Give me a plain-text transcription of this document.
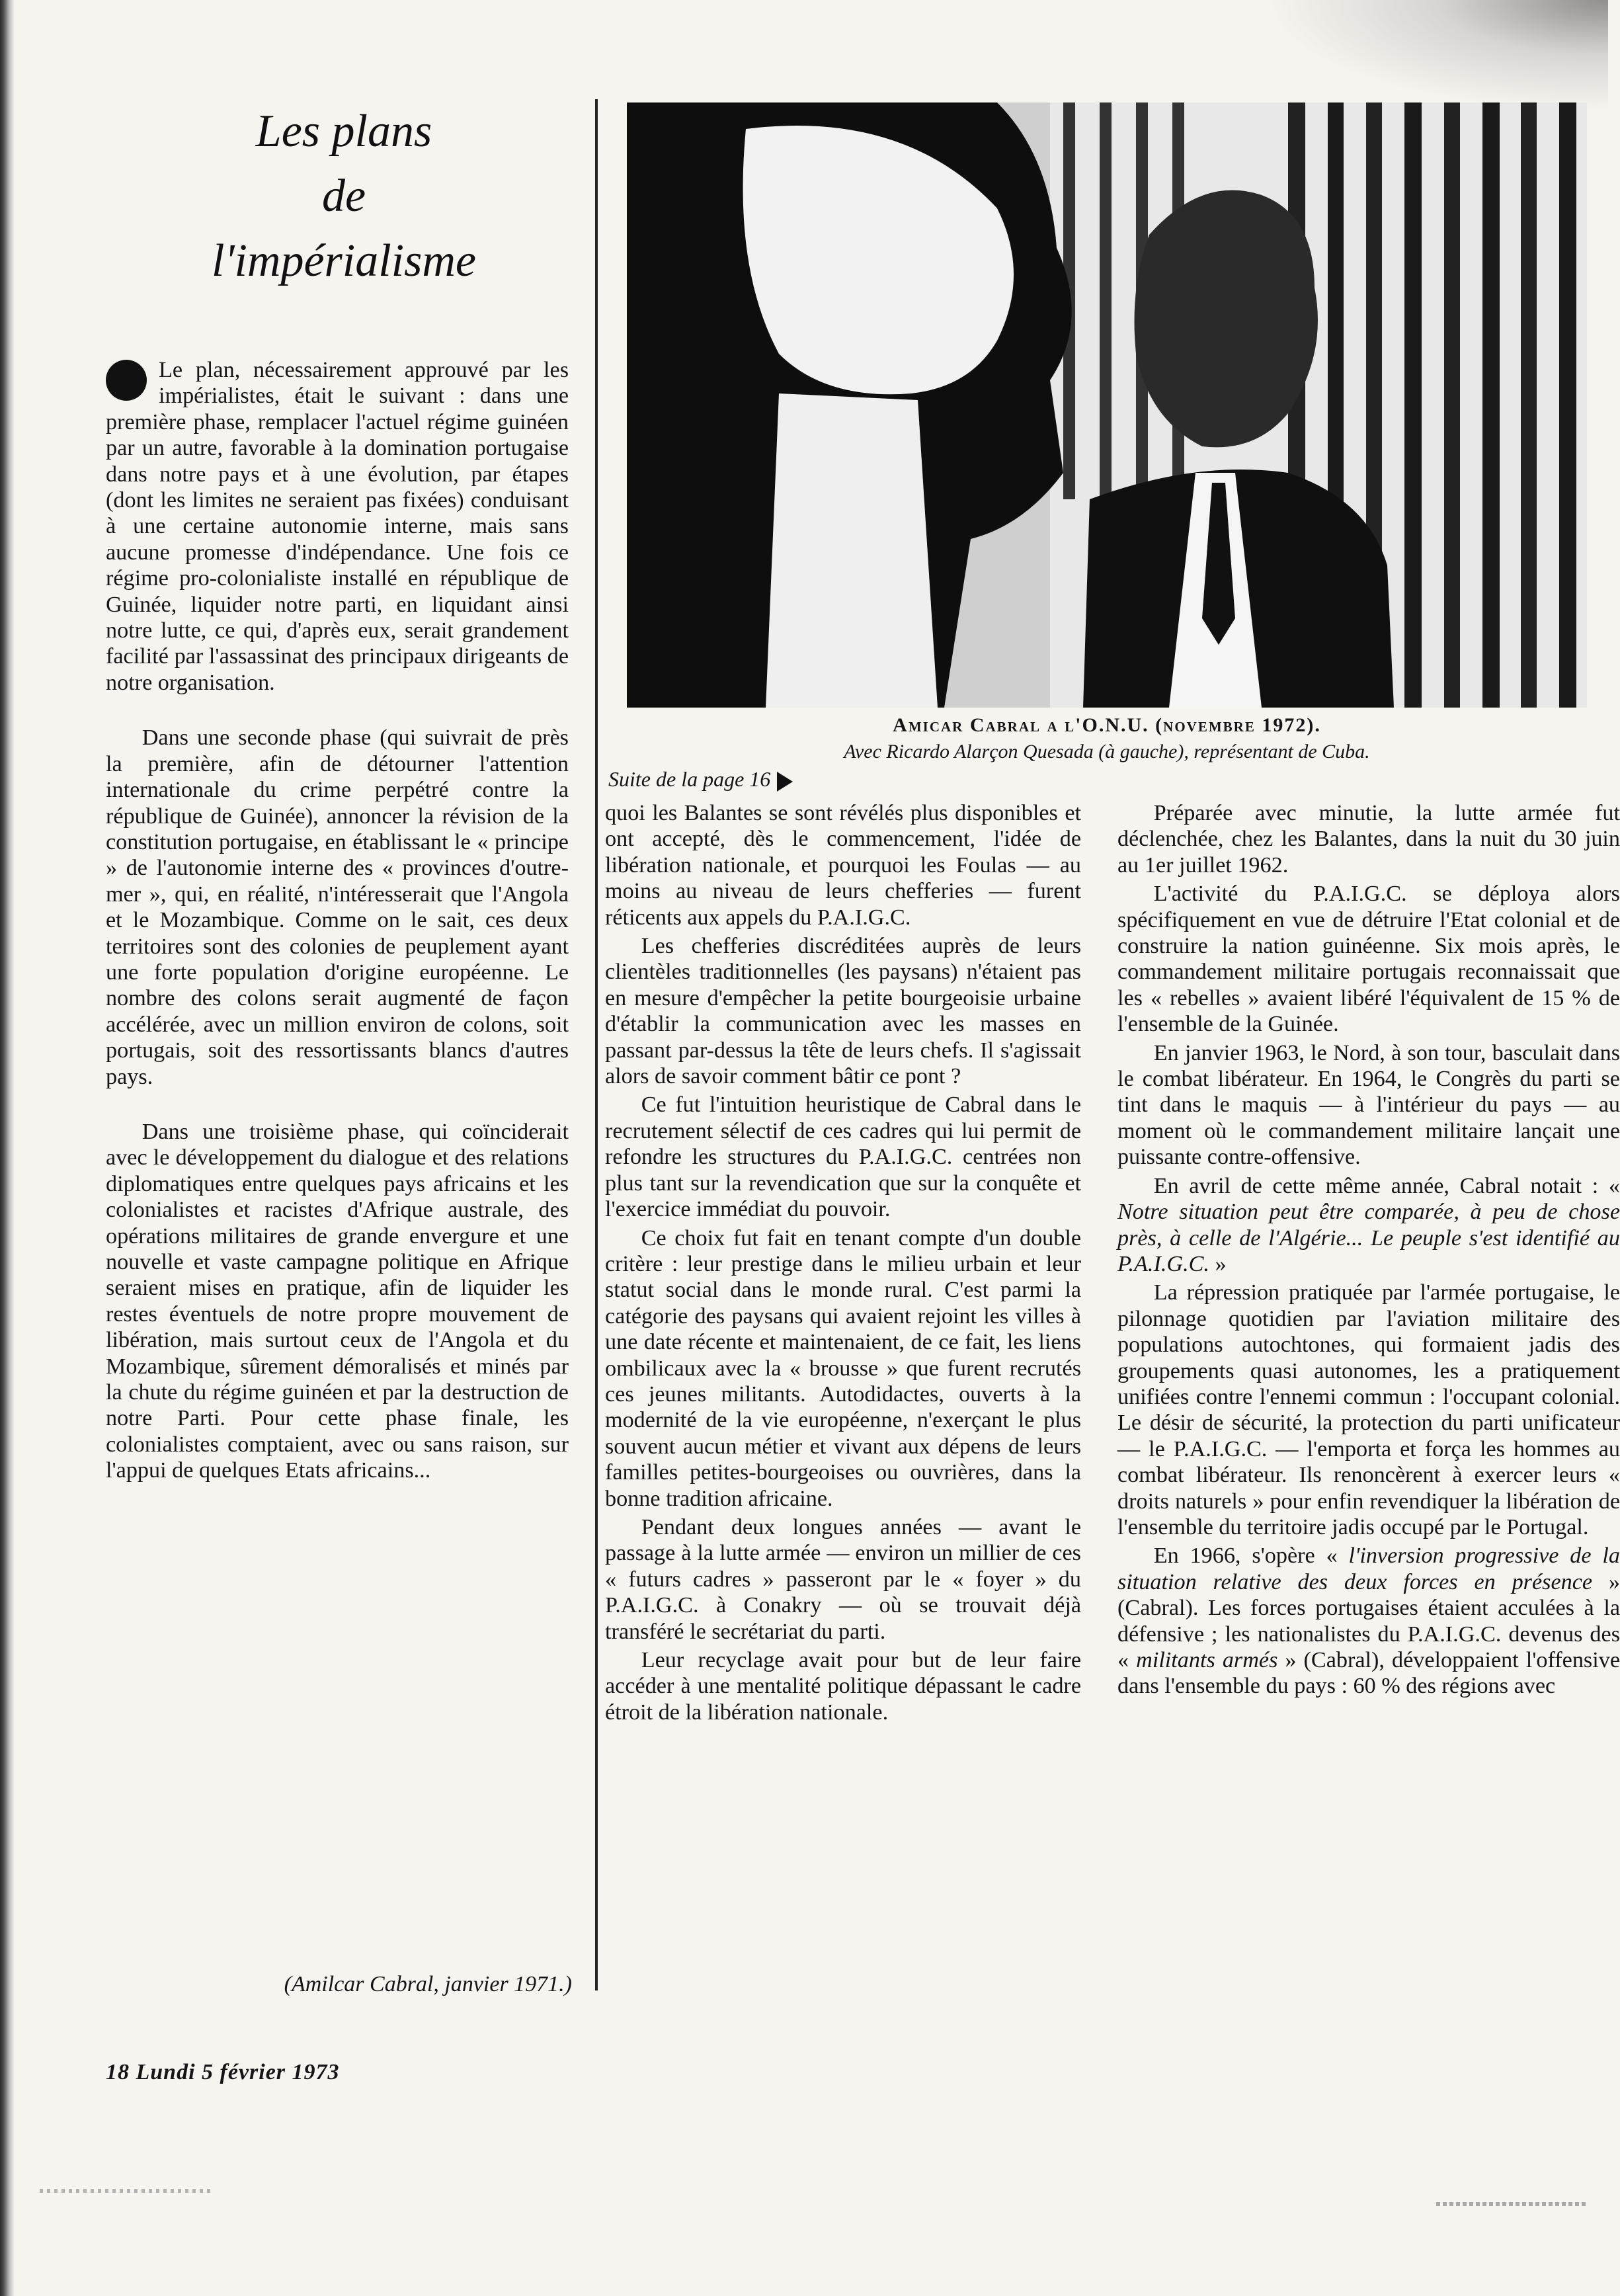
Les plans
de
l'impérialisme

Le plan, nécessairement approuvé par les impérialistes, était le suivant : dans une première phase, remplacer l'actuel régime guinéen par un autre, favorable à la domination portugaise dans notre pays et à une évolution, par étapes (dont les limites ne seraient pas fixées) conduisant à une certaine autonomie interne, mais sans aucune promesse d'indépendance. Une fois ce régime pro-colonialiste installé en république de Guinée, liquider notre parti, en liquidant ainsi notre lutte, ce qui, d'après eux, serait grandement facilité par l'assassinat des principaux dirigeants de notre organisation.

Dans une seconde phase (qui suivrait de près la première, afin de détourner l'attention internationale du crime perpétré contre la république de Guinée), annoncer la révision de la constitution portugaise, en établissant le « principe » de l'autonomie interne des « provinces d'outre-mer », qui, en réalité, n'intéresserait que l'Angola et le Mozambique. Comme on le sait, ces deux territoires sont des colonies de peuplement ayant une forte population d'origine européenne. Le nombre des colons serait augmenté de façon accélérée, avec un million environ de colons, soit portugais, soit des ressortissants blancs d'autres pays.

Dans une troisième phase, qui coïnciderait avec le développement du dialogue et des relations diplomatiques entre quelques pays africains et les colonialistes et racistes d'Afrique australe, des opérations militaires de grande envergure et une nouvelle et vaste campagne politique en Afrique seraient mises en pratique, afin de liquider les restes éventuels de notre propre mouvement de libération, mais surtout ceux de l'Angola et du Mozambique, sûrement démoralisés et minés par la chute du régime guinéen et par la destruction de notre Parti. Pour cette phase finale, les colonialistes comptaient, avec ou sans raison, sur l'appui de quelques Etats africains...

(Amilcar Cabral, janvier 1971.)
Amicar Cabral a l'O.N.U. (novembre 1972).
Avec Ricardo Alarçon Quesada (à gauche), représentant de Cuba.
Suite de la page 16

quoi les Balantes se sont révélés plus disponibles et ont accepté, dès le commencement, l'idée de libération nationale, et pourquoi les Foulas — au moins au niveau de leurs chefferies — furent réticents aux appels du P.A.I.G.C.

Les chefferies discréditées auprès de leurs clientèles traditionnelles (les paysans) n'étaient pas en mesure d'empêcher la petite bourgeoisie urbaine d'établir la communication avec les masses en passant par-dessus la tête de leurs chefs. Il s'agissait alors de savoir comment bâtir ce pont ?

Ce fut l'intuition heuristique de Cabral dans le recrutement sélectif de ces cadres qui lui permit de refondre les structures du P.A.I.G.C. centrées non plus tant sur la revendication que sur la conquête et l'exercice immédiat du pouvoir.

Ce choix fut fait en tenant compte d'un double critère : leur prestige dans le milieu urbain et leur statut social dans le monde rural. C'est parmi la catégorie des paysans qui avaient rejoint les villes à une date récente et maintenaient, de ce fait, les liens ombilicaux avec la « brousse » que furent recrutés ces jeunes militants. Autodidactes, ouverts à la modernité de la vie européenne, n'exerçant le plus souvent aucun métier et vivant aux dépens de leurs familles petites-bourgeoises ou ouvrières, dans la bonne tradition africaine.

Pendant deux longues années — avant le passage à la lutte armée — environ un millier de ces « futurs cadres » passeront par le « foyer » du P.A.I.G.C. à Conakry — où se trouvait déjà transféré le secrétariat du parti.

Leur recyclage avait pour but de leur faire accéder à une mentalité politique dépassant le cadre étroit de la libération nationale.

Préparée avec minutie, la lutte armée fut déclenchée, chez les Balantes, dans la nuit du 30 juin au 1er juillet 1962.

L'activité du P.A.I.G.C. se déploya alors spécifiquement en vue de détruire l'Etat colonial et de construire la nation guinéenne. Six mois après, le commandement militaire portugais reconnaissait que les « rebelles » avaient libéré l'équivalent de 15 % de l'ensemble de la Guinée.

En janvier 1963, le Nord, à son tour, basculait dans le combat libérateur. En 1964, le Congrès du parti se tint dans le maquis — à l'intérieur du pays — au moment où le commandement militaire lançait une puissante contre-offensive.

En avril de cette même année, Cabral notait : « Notre situation peut être comparée, à peu de chose près, à celle de l'Algérie... Le peuple s'est identifié au P.A.I.G.C. »

La répression pratiquée par l'armée portugaise, le pilonnage quotidien par l'aviation militaire des populations autochtones, qui formaient jadis des groupements quasi autonomes, les a pratiquement unifiées contre l'ennemi commun : l'occupant colonial. Le désir de sécurité, la protection du parti unificateur — le P.A.I.G.C. — l'emporta et força les hommes au combat libérateur. Ils renoncèrent à exercer leurs « droits naturels » pour enfin revendiquer la libération de l'ensemble du territoire jadis occupé par le Portugal.

En 1966, s'opère « l'inversion progressive de la situation relative des deux forces en présence » (Cabral). Les forces portugaises étaient acculées à la défensive ; les nationalistes du P.A.I.G.C. devenus des « militants armés » (Cabral), développaient l'offensive dans l'ensemble du pays : 60 % des régions avec

18 Lundi 5 février 1973
